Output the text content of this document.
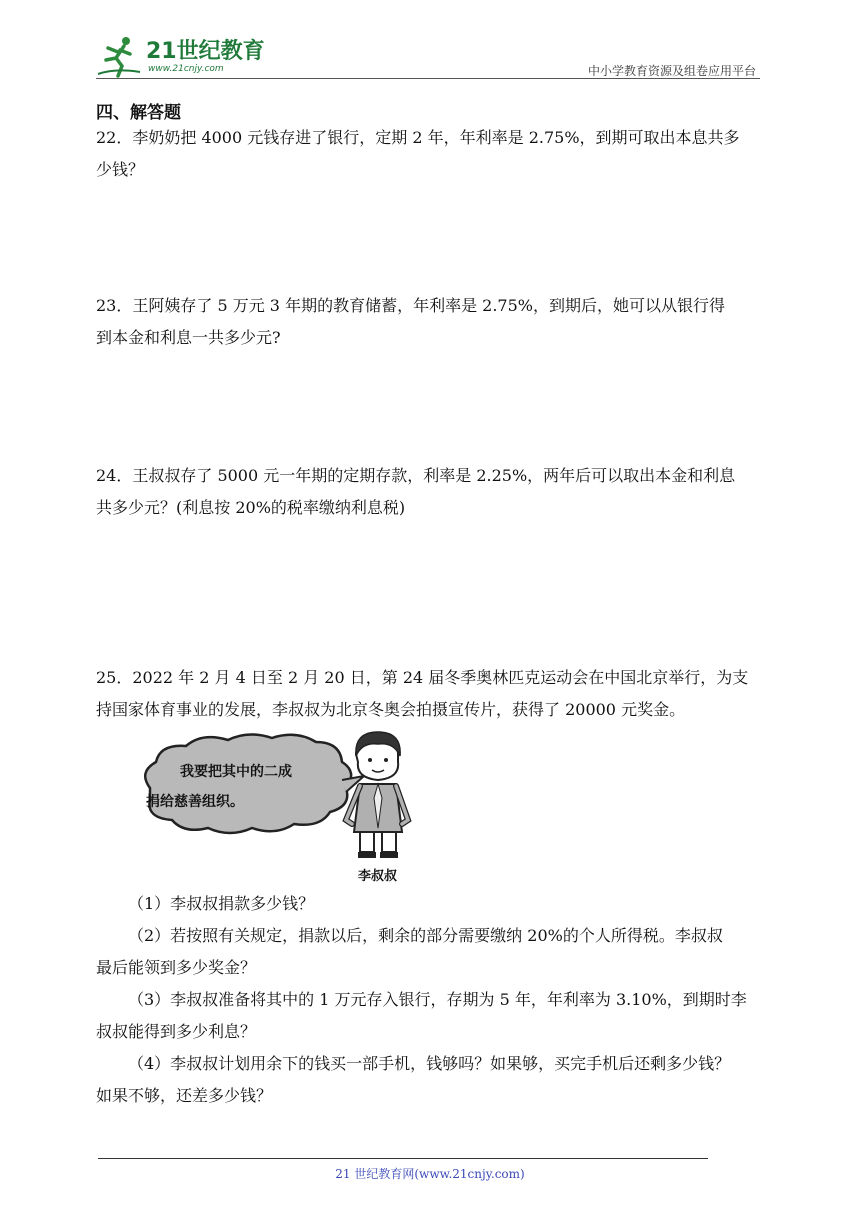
21世纪教育
www.21cnjy.com	中小学教育资源及组卷应用平台
四、解答题

22．李奶奶把 4000 元钱存进了银行，定期 2 年，年利率是 2.75%，到期可取出本息共多

少钱？

23．王阿姨存了 5 万元 3 年期的教育储蓄，年利率是 2.75%，到期后，她可以从银行得

到本金和利息一共多少元?

24．王叔叔存了 5000 元一年期的定期存款，利率是 2.25%，两年后可以取出本金和利息

共多少元？(利息按 20%的税率缴纳利息税)

25．2022 年 2 月 4 日至 2 月 20 日，第 24 届冬季奥林匹克运动会在中国北京举行，为支

持国家体育事业的发展，李叔叔为北京冬奥会拍摄宣传片，获得了 20000 元奖金。

我要把其中的二成
捐给慈善组织。
李叔叔

（1）李叔叔捐款多少钱？

（2）若按照有关规定，捐款以后，剩余的部分需要缴纳 20%的个人所得税。李叔叔

最后能领到多少奖金？

（3）李叔叔准备将其中的 1 万元存入银行，存期为 5 年，年利率为 3.10%，到期时李

叔叔能得到多少利息？

（4）李叔叔计划用余下的钱买一部手机，钱够吗？如果够，买完手机后还剩多少钱？

如果不够，还差多少钱？

21 世纪教育网(www.21cnjy.com)
